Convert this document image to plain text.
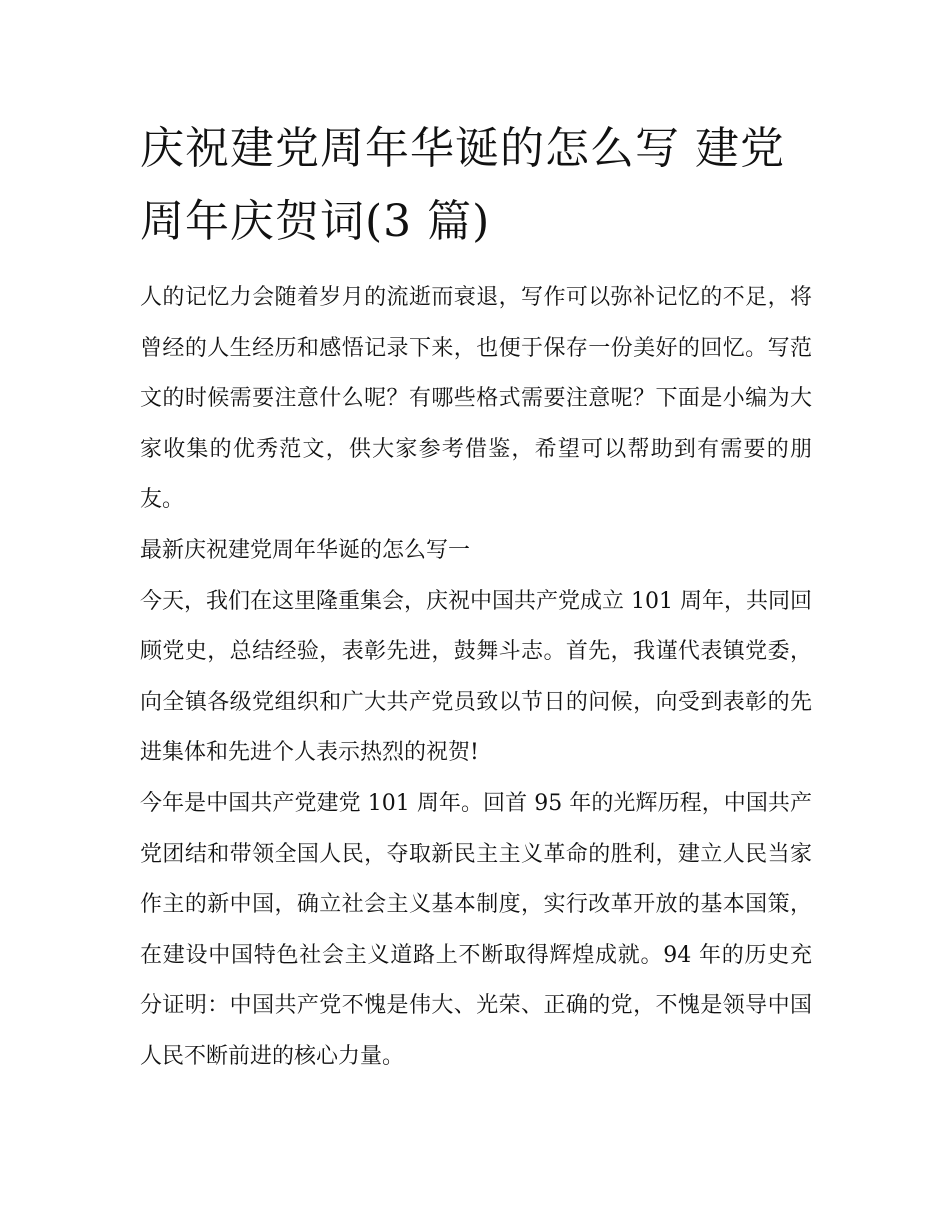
庆祝建党周年华诞的怎么写 建党周年庆贺词(3 篇)

人的记忆力会随着岁月的流逝而衰退，写作可以弥补记忆的不足，将曾经的人生经历和感悟记录下来，也便于保存一份美好的回忆。写范文的时候需要注意什么呢？有哪些格式需要注意呢？下面是小编为大家收集的优秀范文，供大家参考借鉴，希望可以帮助到有需要的朋友。

最新庆祝建党周年华诞的怎么写一

今天，我们在这里隆重集会，庆祝中国共产党成立 101 周年，共同回顾党史，总结经验，表彰先进，鼓舞斗志。首先，我谨代表镇党委，向全镇各级党组织和广大共产党员致以节日的问候，向受到表彰的先进集体和先进个人表示热烈的祝贺!

今年是中国共产党建党 101 周年。回首 95 年的光辉历程，中国共产党团结和带领全国人民，夺取新民主主义革命的胜利，建立人民当家作主的新中国，确立社会主义基本制度，实行改革开放的基本国策，在建设中国特色社会主义道路上不断取得辉煌成就。94 年的历史充分证明：中国共产党不愧是伟大、光荣、正确的党，不愧是领导中国人民不断前进的核心力量。
